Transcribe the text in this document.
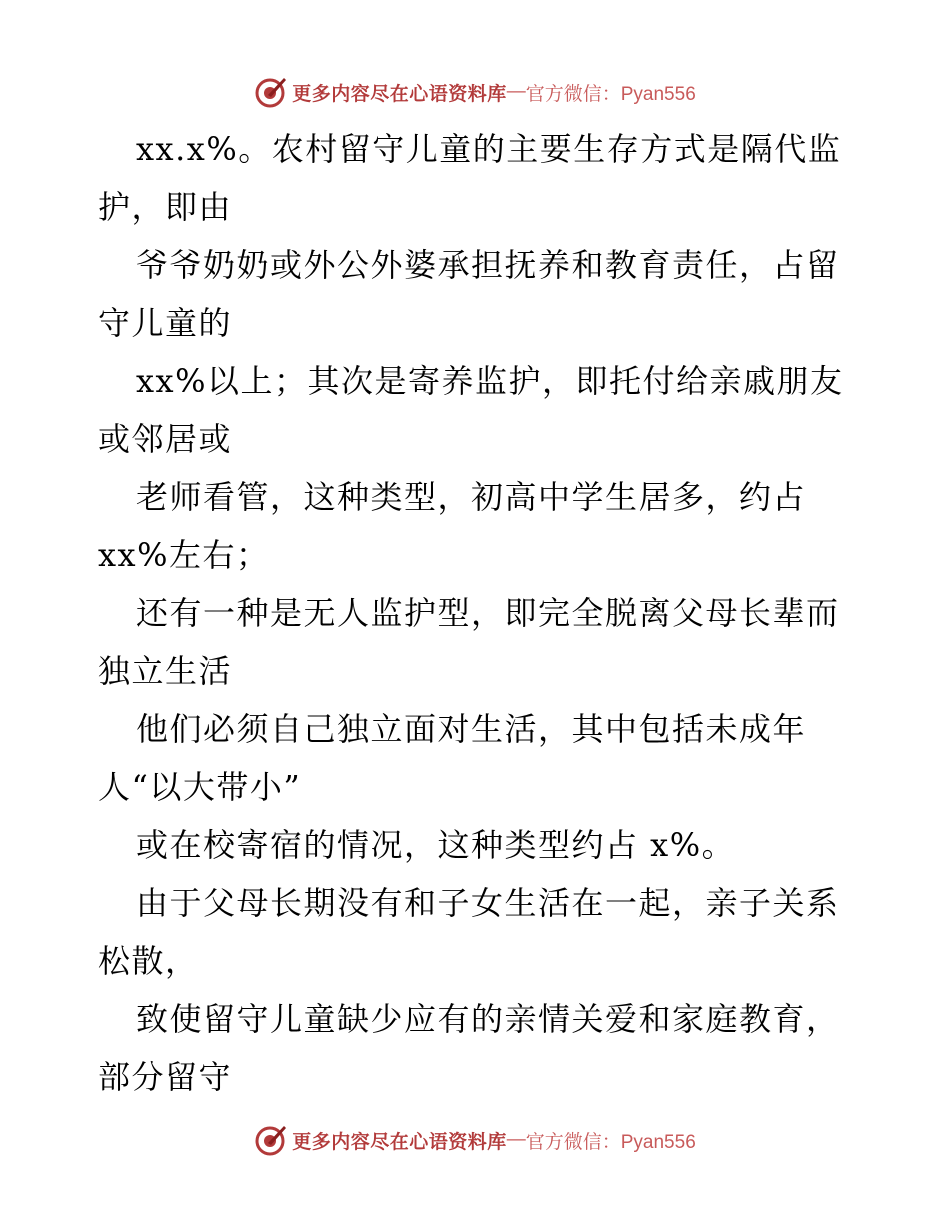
更多内容尽在心语资料库 — 官方微信：Pyan556
xx.x%。农村留守儿童的主要生存方式是隔代监
护，即由
爷爷奶奶或外公外婆承担抚养和教育责任，占留
守儿童的
xx%以上；其次是寄养监护，即托付给亲戚朋友
或邻居或
老师看管，这种类型，初高中学生居多，约占
xx%左右；
还有一种是无人监护型，即完全脱离父母长辈而
独立生活
他们必须自己独立面对生活，其中包括未成年
人“以大带小”
或在校寄宿的情况，这种类型约占 x%。
由于父母长期没有和子女生活在一起，亲子关系
松散，
致使留守儿童缺少应有的亲情关爱和家庭教育，
部分留守
更多内容尽在心语资料库 — 官方微信：Pyan556
